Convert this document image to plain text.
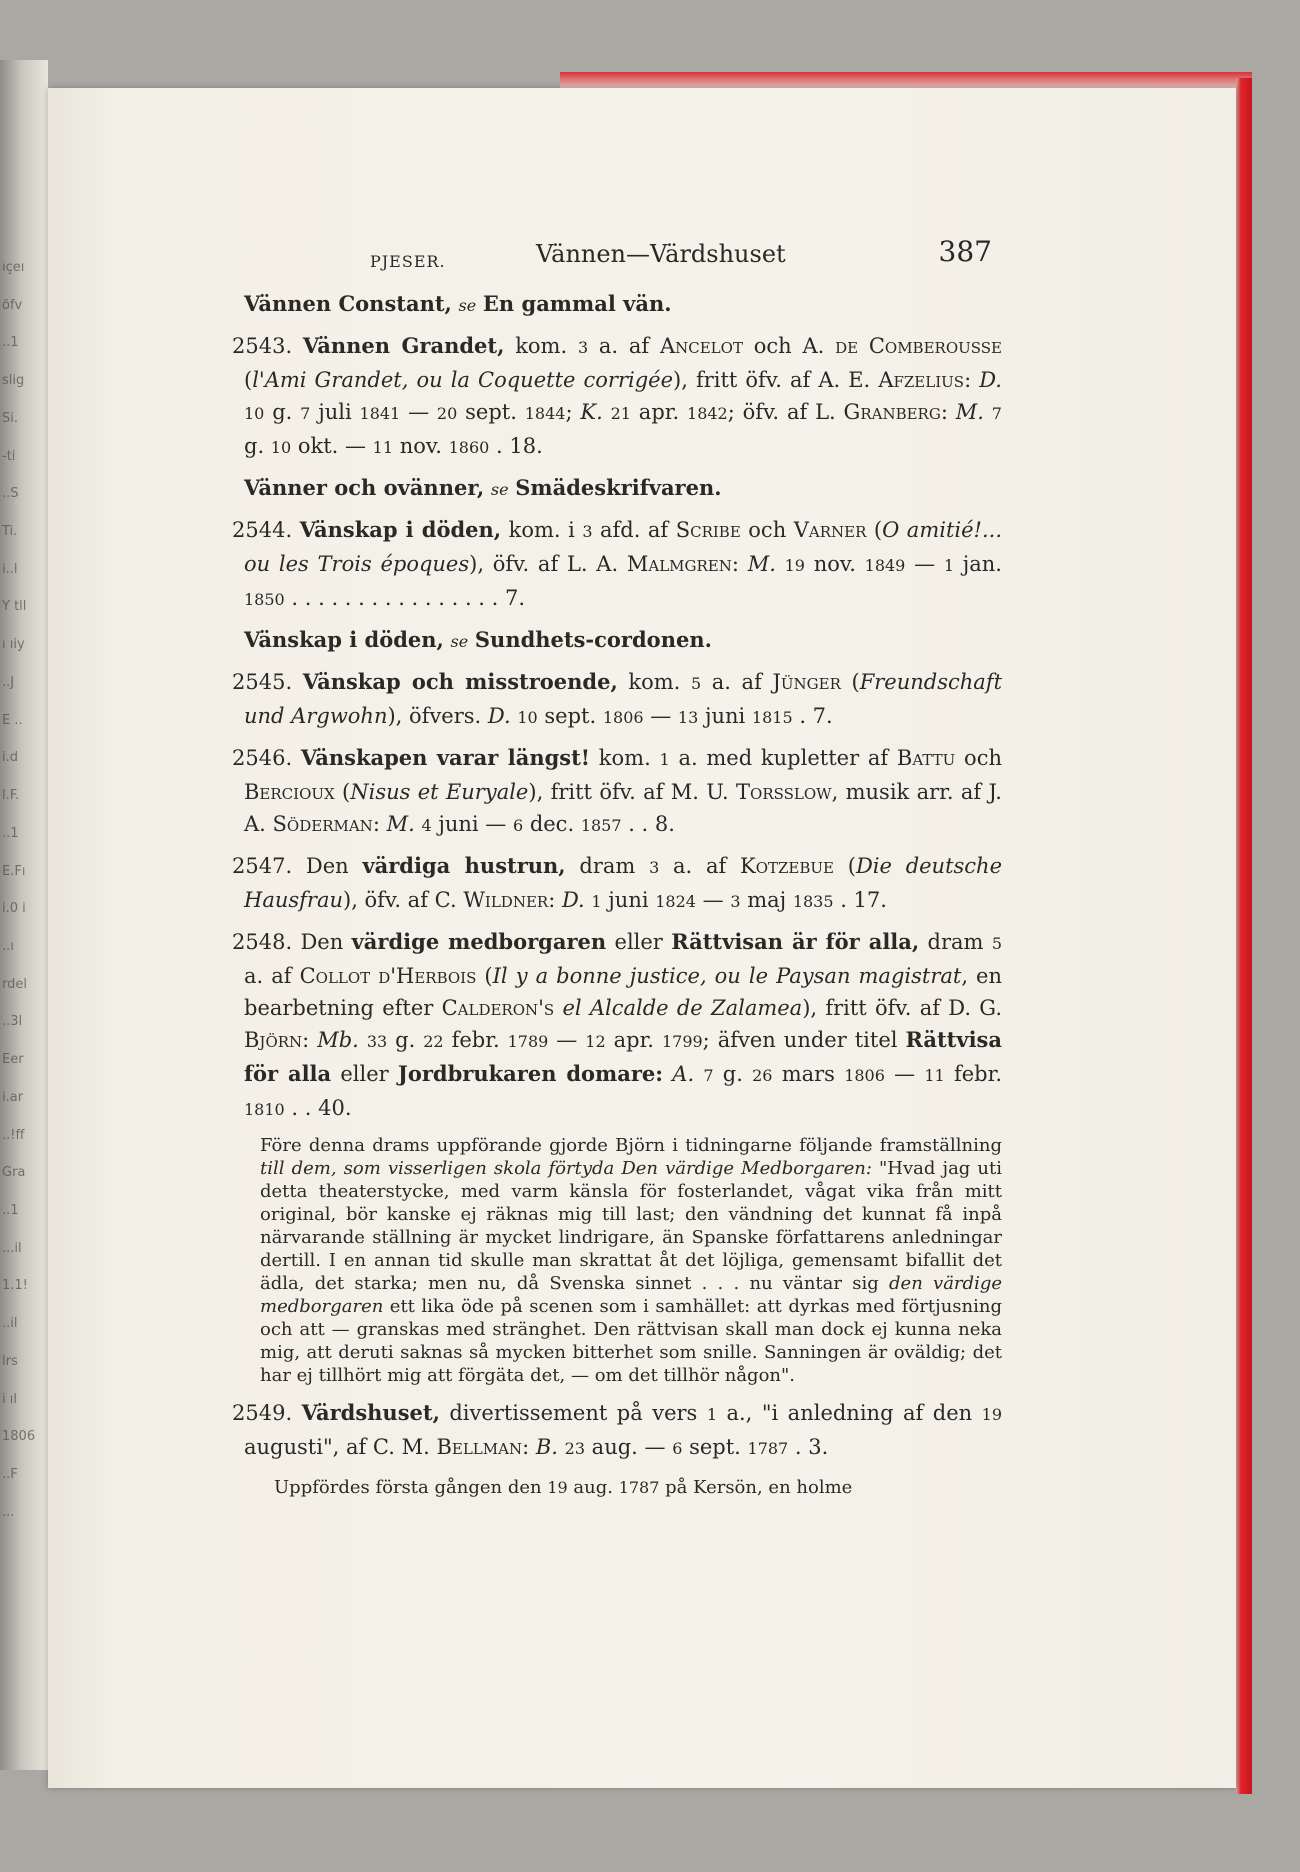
ıçeı
öfv
..1
slig
Si.
-ti
..S
Ti.
i..l
Y tll
ı ıiy
..J
E ..
i.d
l.F.
..1
E.Fı
i.0 i
..ı
rdel
..3l
Eer
i.ar
..!ff
Gra
..1
...il
1.1!
..il
lrs
i ıl
1806
..F
...
PJESER.	Vännen—Värdshuset	387
Vännen Constant, se En gammal vän.
2543. Vännen Grandet, kom. 3 a. af Ancelot och A. de Comberousse (l'Ami Grandet, ou la Coquette corrigée), fritt öfv. af A. E. Afzelius: D. 10 g. 7 juli 1841 — 20 sept. 1844; K. 21 apr. 1842; öfv. af L. Granberg: M. 7 g. 10 okt. — 11 nov. 1860 . 18.
Vänner och ovänner, se Smädeskrifvaren.
2544. Vänskap i döden, kom. i 3 afd. af Scribe och Varner (O amitié!... ou les Trois époques), öfv. af L. A. Malmgren: M. 19 nov. 1849 — 1 jan. 1850 . . . . . . . . . . . . . . . . 7.
Vänskap i döden, se Sundhets-cordonen.
2545. Vänskap och misstroende, kom. 5 a. af Jünger (Freundschaft und Argwohn), öfvers. D. 10 sept. 1806 — 13 juni 1815 . 7.
2546. Vänskapen varar längst! kom. 1 a. med kupletter af Battu och Bercioux (Nisus et Euryale), fritt öfv. af M. U. Torsslow, musik arr. af J. A. Söderman: M. 4 juni — 6 dec. 1857 . . 8.
2547. Den värdiga hustrun, dram 3 a. af Kotzebue (Die deutsche Hausfrau), öfv. af C. Wildner: D. 1 juni 1824 — 3 maj 1835 . 17.
2548. Den värdige medborgaren eller Rättvisan är för alla, dram 5 a. af Collot d'Herbois (Il y a bonne justice, ou le Paysan magistrat, en bearbetning efter Calderon's el Alcalde de Zalamea), fritt öfv. af D. G. Björn: Mb. 33 g. 22 febr. 1789 — 12 apr. 1799; äfven under titel Rättvisa för alla eller Jordbrukaren domare: A. 7 g. 26 mars 1806 — 11 febr. 1810 . . 40.
Före denna drams uppförande gjorde Björn i tidningarne följande framställning till dem, som visserligen skola förtyda Den värdige Medborgaren: "Hvad jag uti detta theaterstycke, med varm känsla för fosterlandet, vågat vika från mitt original, bör kanske ej räknas mig till last; den vändning det kunnat få inpå närvarande ställning är mycket lindrigare, än Spanske författarens anledningar dertill. I en annan tid skulle man skrattat åt det löjliga, gemensamt bifallit det ädla, det starka; men nu, då Svenska sinnet . . . nu väntar sig den värdige medborgaren ett lika öde på scenen som i samhället: att dyrkas med förtjusning och att — granskas med stränghet. Den rättvisan skall man dock ej kunna neka mig, att deruti saknas så mycken bitterhet som snille. Sanningen är oväldig; det har ej tillhört mig att förgäta det, — om det tillhör någon".
2549. Värdshuset, divertissement på vers 1 a., "i anledning af den 19 augusti", af C. M. Bellman: B. 23 aug. — 6 sept. 1787 . 3.
Uppfördes första gången den 19 aug. 1787 på Kersön, en holme
